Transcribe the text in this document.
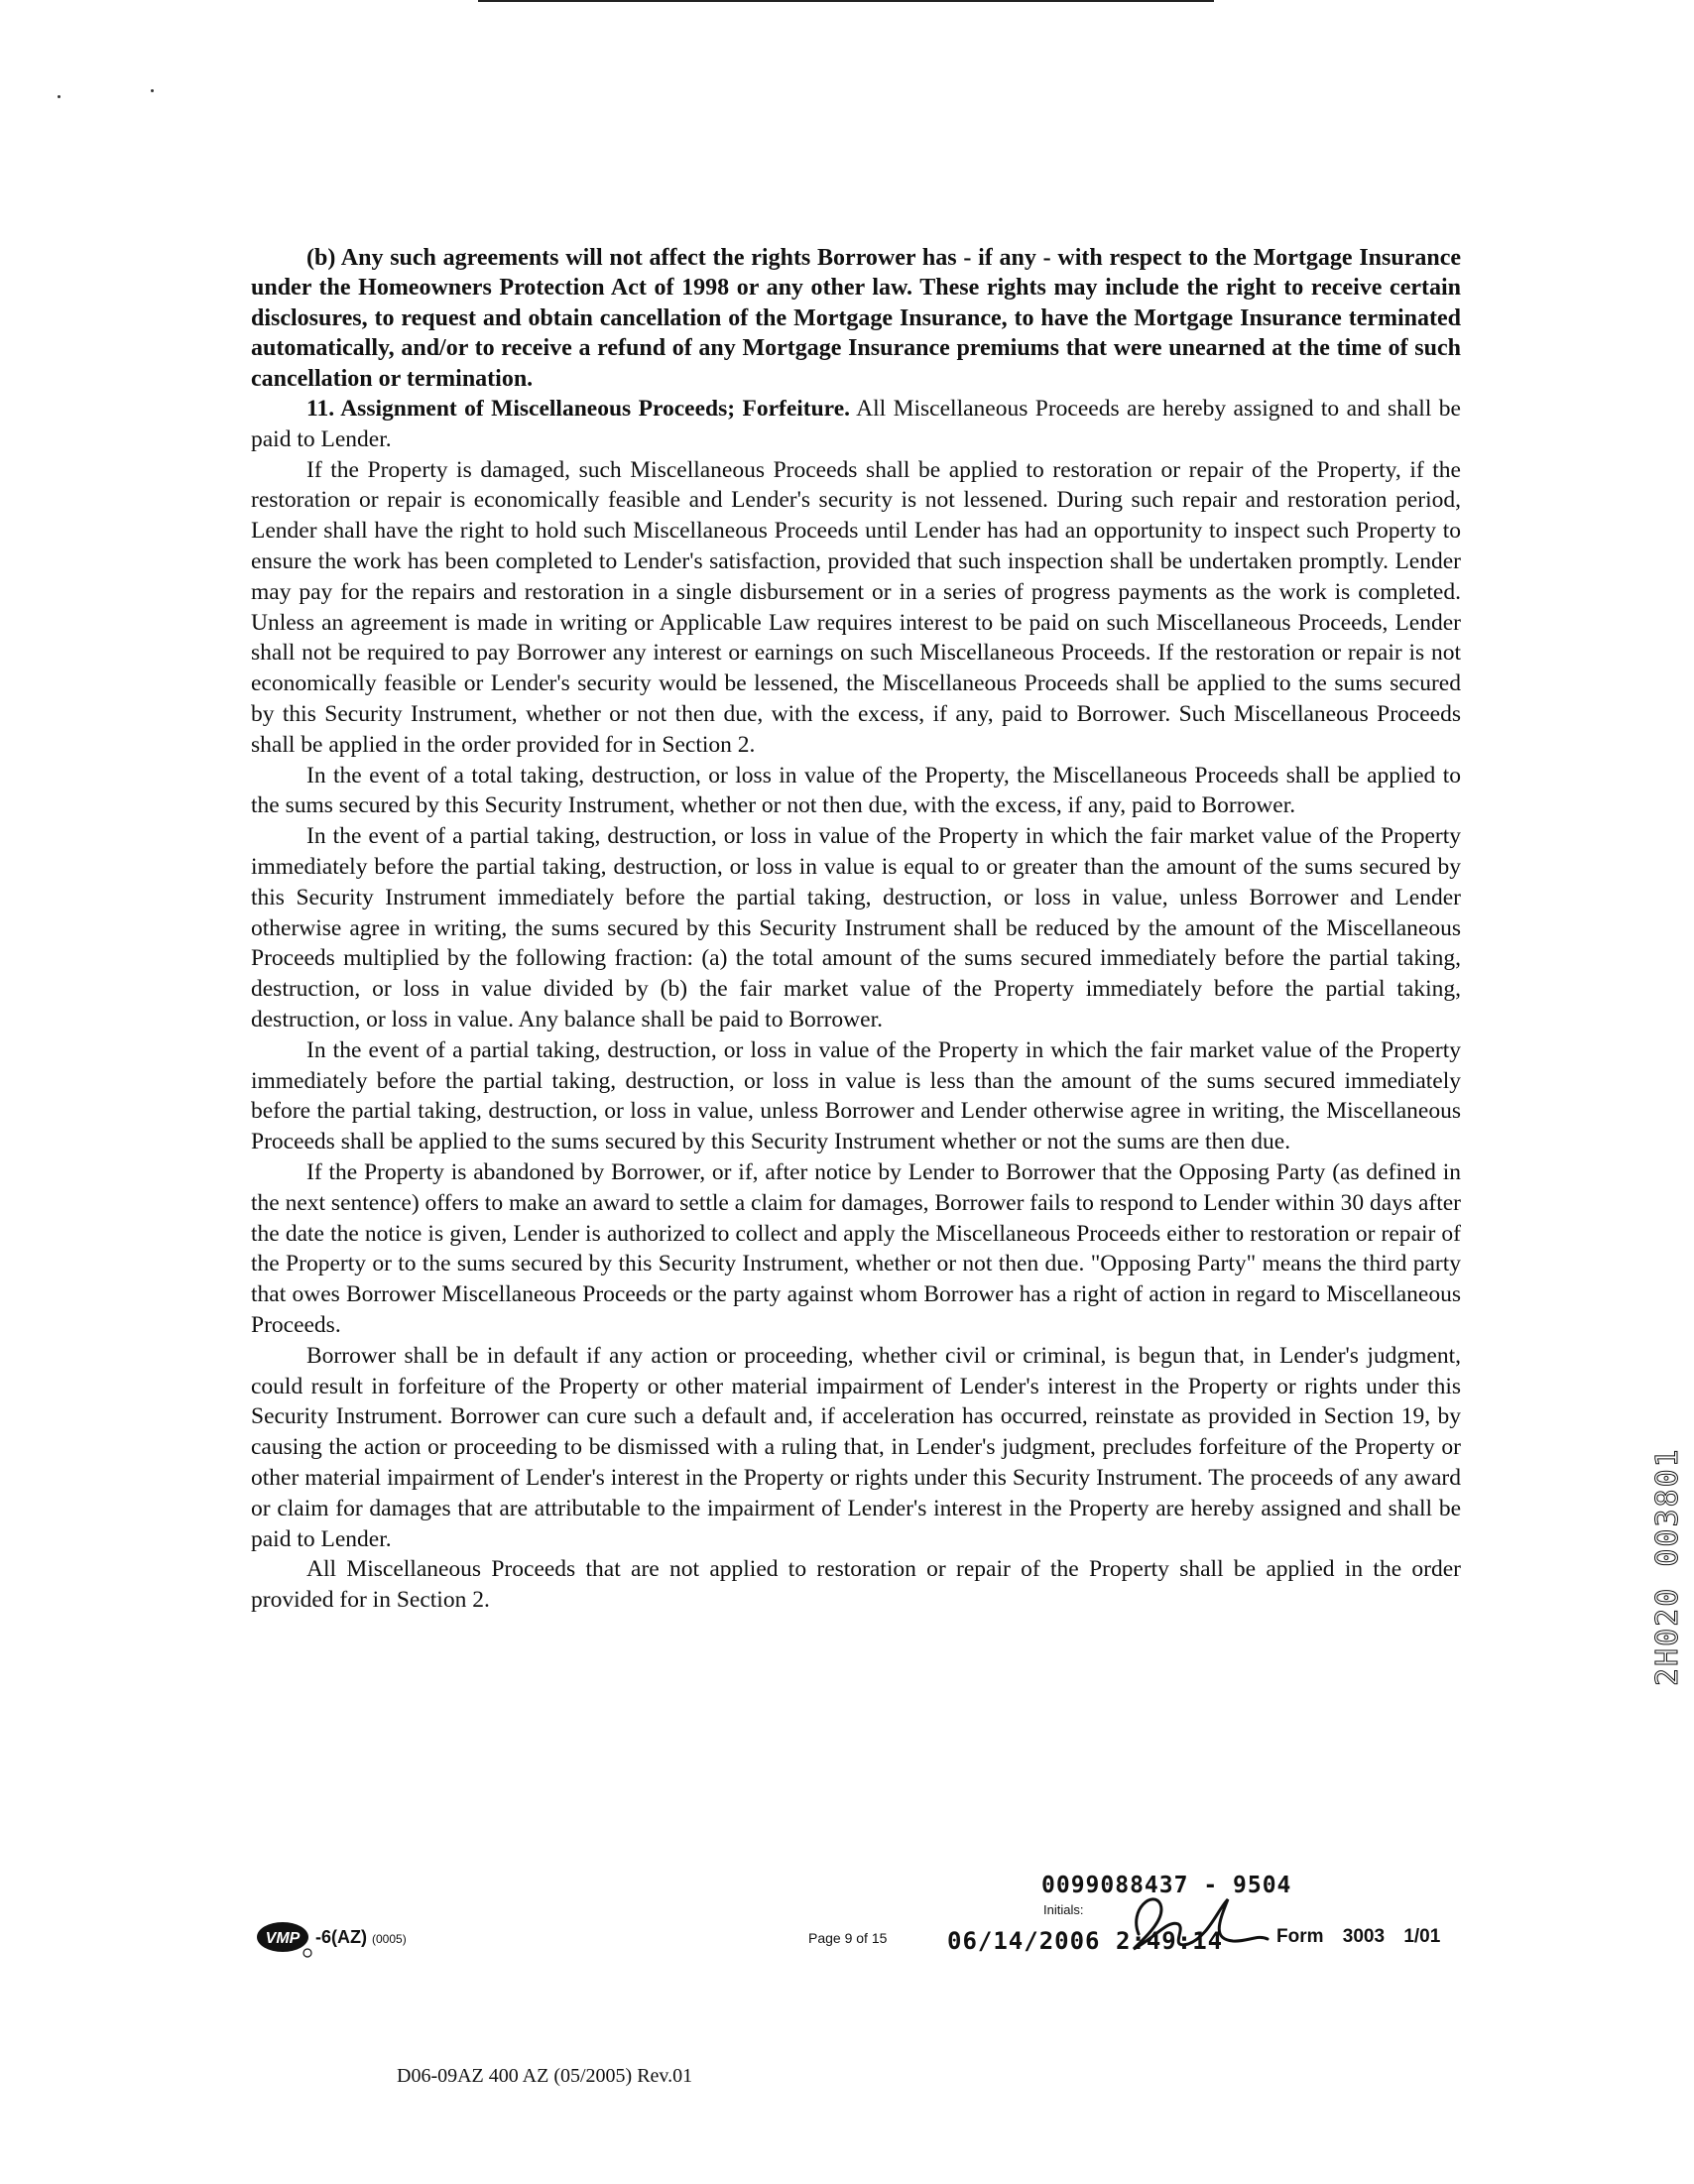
(b) Any such agreements will not affect the rights Borrower has - if any - with respect to the Mortgage Insurance under the Homeowners Protection Act of 1998 or any other law. These rights may include the right to receive certain disclosures, to request and obtain cancellation of the Mortgage Insurance, to have the Mortgage Insurance terminated automatically, and/or to receive a refund of any Mortgage Insurance premiums that were unearned at the time of such cancellation or termination.

11. Assignment of Miscellaneous Proceeds; Forfeiture. All Miscellaneous Proceeds are hereby assigned to and shall be paid to Lender.

If the Property is damaged, such Miscellaneous Proceeds shall be applied to restoration or repair of the Property, if the restoration or repair is economically feasible and Lender's security is not lessened. During such repair and restoration period, Lender shall have the right to hold such Miscellaneous Proceeds until Lender has had an opportunity to inspect such Property to ensure the work has been completed to Lender's satisfaction, provided that such inspection shall be undertaken promptly. Lender may pay for the repairs and restoration in a single disbursement or in a series of progress payments as the work is completed. Unless an agreement is made in writing or Applicable Law requires interest to be paid on such Miscellaneous Proceeds, Lender shall not be required to pay Borrower any interest or earnings on such Miscellaneous Proceeds. If the restoration or repair is not economically feasible or Lender's security would be lessened, the Miscellaneous Proceeds shall be applied to the sums secured by this Security Instrument, whether or not then due, with the excess, if any, paid to Borrower. Such Miscellaneous Proceeds shall be applied in the order provided for in Section 2.

In the event of a total taking, destruction, or loss in value of the Property, the Miscellaneous Proceeds shall be applied to the sums secured by this Security Instrument, whether or not then due, with the excess, if any, paid to Borrower.

In the event of a partial taking, destruction, or loss in value of the Property in which the fair market value of the Property immediately before the partial taking, destruction, or loss in value is equal to or greater than the amount of the sums secured by this Security Instrument immediately before the partial taking, destruction, or loss in value, unless Borrower and Lender otherwise agree in writing, the sums secured by this Security Instrument shall be reduced by the amount of the Miscellaneous Proceeds multiplied by the following fraction: (a) the total amount of the sums secured immediately before the partial taking, destruction, or loss in value divided by (b) the fair market value of the Property immediately before the partial taking, destruction, or loss in value. Any balance shall be paid to Borrower.

In the event of a partial taking, destruction, or loss in value of the Property in which the fair market value of the Property immediately before the partial taking, destruction, or loss in value is less than the amount of the sums secured immediately before the partial taking, destruction, or loss in value, unless Borrower and Lender otherwise agree in writing, the Miscellaneous Proceeds shall be applied to the sums secured by this Security Instrument whether or not the sums are then due.

If the Property is abandoned by Borrower, or if, after notice by Lender to Borrower that the Opposing Party (as defined in the next sentence) offers to make an award to settle a claim for damages, Borrower fails to respond to Lender within 30 days after the date the notice is given, Lender is authorized to collect and apply the Miscellaneous Proceeds either to restoration or repair of the Property or to the sums secured by this Security Instrument, whether or not then due. "Opposing Party" means the third party that owes Borrower Miscellaneous Proceeds or the party against whom Borrower has a right of action in regard to Miscellaneous Proceeds.

Borrower shall be in default if any action or proceeding, whether civil or criminal, is begun that, in Lender's judgment, could result in forfeiture of the Property or other material impairment of Lender's interest in the Property or rights under this Security Instrument. Borrower can cure such a default and, if acceleration has occurred, reinstate as provided in Section 19, by causing the action or proceeding to be dismissed with a ruling that, in Lender's judgment, precludes forfeiture of the Property or other material impairment of Lender's interest in the Property or rights under this Security Instrument. The proceeds of any award or claim for damages that are attributable to the impairment of Lender's interest in the Property are hereby assigned and shall be paid to Lender.

All Miscellaneous Proceeds that are not applied to restoration or repair of the Property shall be applied in the order provided for in Section 2.

0099088437 - 9504
Initials:
VMP -6(AZ) (0005)	Page 9 of 15	06/14/2006 2:49:14	Form 3003 1/01
D06-09AZ 400 AZ (05/2005) Rev.01
2H020 003801
